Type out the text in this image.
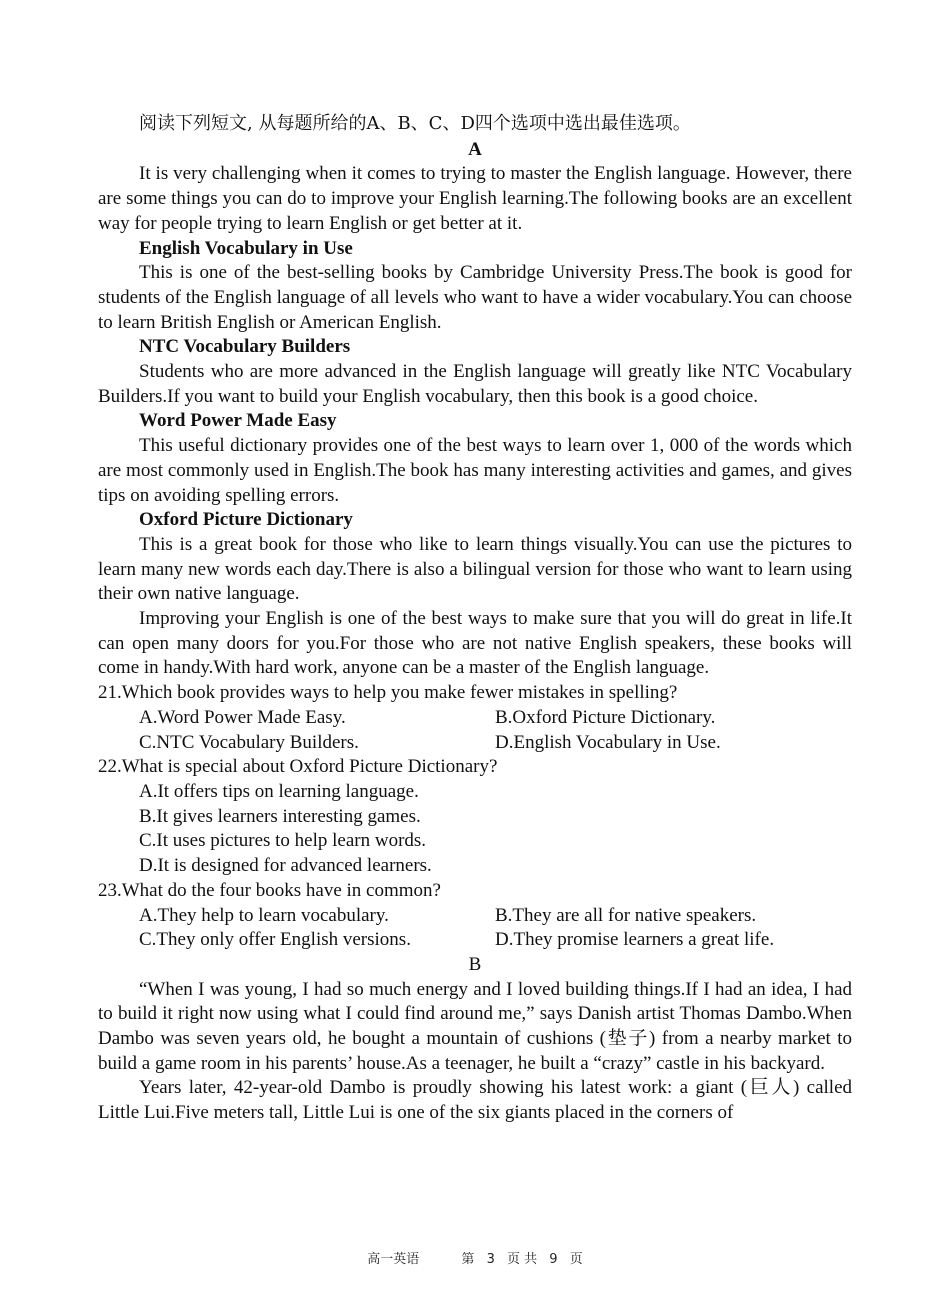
阅读下列短文, 从每题所给的A、B、C、D四个选项中选出最佳选项。

A

It is very challenging when it comes to trying to master the English language. However, there are some things you can do to improve your English learning.The following books are an excellent way for people trying to learn English or get better at it.

English Vocabulary in Use

This is one of the best-selling books by Cambridge University Press.The book is good for students of the English language of all levels who want to have a wider vocabulary.You can choose to learn British English or American English.

NTC Vocabulary Builders

Students who are more advanced in the English language will greatly like NTC Vocabulary Builders.If you want to build your English vocabulary, then this book is a good choice.

Word Power Made Easy

This useful dictionary provides one of the best ways to learn over 1, 000 of the words which are most commonly used in English.The book has many interesting activities and games, and gives tips on avoiding spelling errors.

Oxford Picture Dictionary

This is a great book for those who like to learn things visually.You can use the pictures to learn many new words each day.There is also a bilingual version for those who want to learn using their own native language.

Improving your English is one of the best ways to make sure that you will do great in life.It can open many doors for you.For those who are not native English speakers, these books will come in handy.With hard work, anyone can be a master of the English language.

21.Which book provides ways to help you make fewer mistakes in spelling?

A.Word Power Made Easy.	B.Oxford Picture Dictionary.
C.NTC Vocabulary Builders.	D.English Vocabulary in Use.

22.What is special about Oxford Picture Dictionary?

A.It offers tips on learning language.

B.It gives learners interesting games.

C.It uses pictures to help learn words.

D.It is designed for advanced learners.

23.What do the four books have in common?

A.They help to learn vocabulary.	B.They are all for native speakers.
C.They only offer English versions.	D.They promise learners a great life.

B

“When I was young, I had so much energy and I loved building things.If I had an idea, I had to build it right now using what I could find around me,” says Danish artist Thomas Dambo.When Dambo was seven years old, he bought a mountain of cushions (垫子) from a nearby market to build a game room in his parents’ house.As a teenager, he built a “crazy” castle in his backyard.

Years later, 42-year-old Dambo is proudly showing his latest work: a giant (巨人) called Little Lui.Five meters tall, Little Lui is one of the six giants placed in the corners of

高一英语	第 3 页 共 9 页
